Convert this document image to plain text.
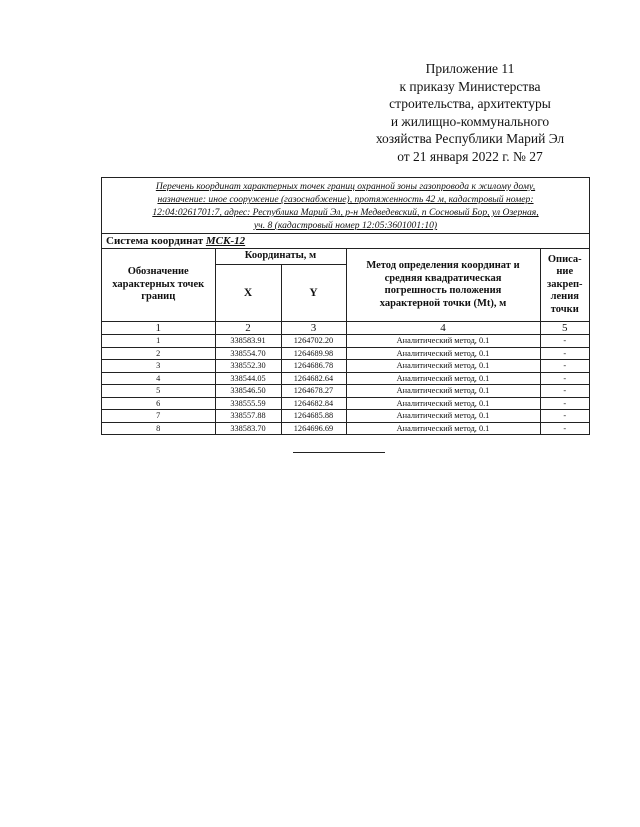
Приложение 11
к приказу Министерства
строительства, архитектуры
и жилищно-коммунального
хозяйства Республики Марий Эл
от 21 января 2022 г. № 27
Перечень координат характерных точек границ охранной зоны газопровода к жилому дому,
назначение: иное сооружение (газоснабжение), протяженность 42 м, кадастровый номер:
12:04:0261701:7, адрес: Республика Марий Эл, р-н Медведевский, п Сосновый Бор, ул Озерная,
уч. 8 (кадастровый номер 12:05:3601001:10)
Система координат МСК-12				
Обозначение характерных точек границ	Координаты, м		Метод определения координат и средняя квадратическая погрешность положения характерной точки (Mt), м	Описа-ние закреп-ления точки
	X	Y		
1	2	3	4	5
1	338583.91	1264702.20	Аналитический метод, 0.1	-
2	338554.70	1264689.98	Аналитический метод, 0.1	-
3	338552.30	1264686.78	Аналитический метод, 0.1	-
4	338544.05	1264682.64	Аналитический метод, 0.1	-
5	338546.50	1264678.27	Аналитический метод, 0.1	-
6	338555.59	1264682.84	Аналитический метод, 0.1	-
7	338557.88	1264685.88	Аналитический метод, 0.1	-
8	338583.70	1264696.69	Аналитический метод, 0.1	-
